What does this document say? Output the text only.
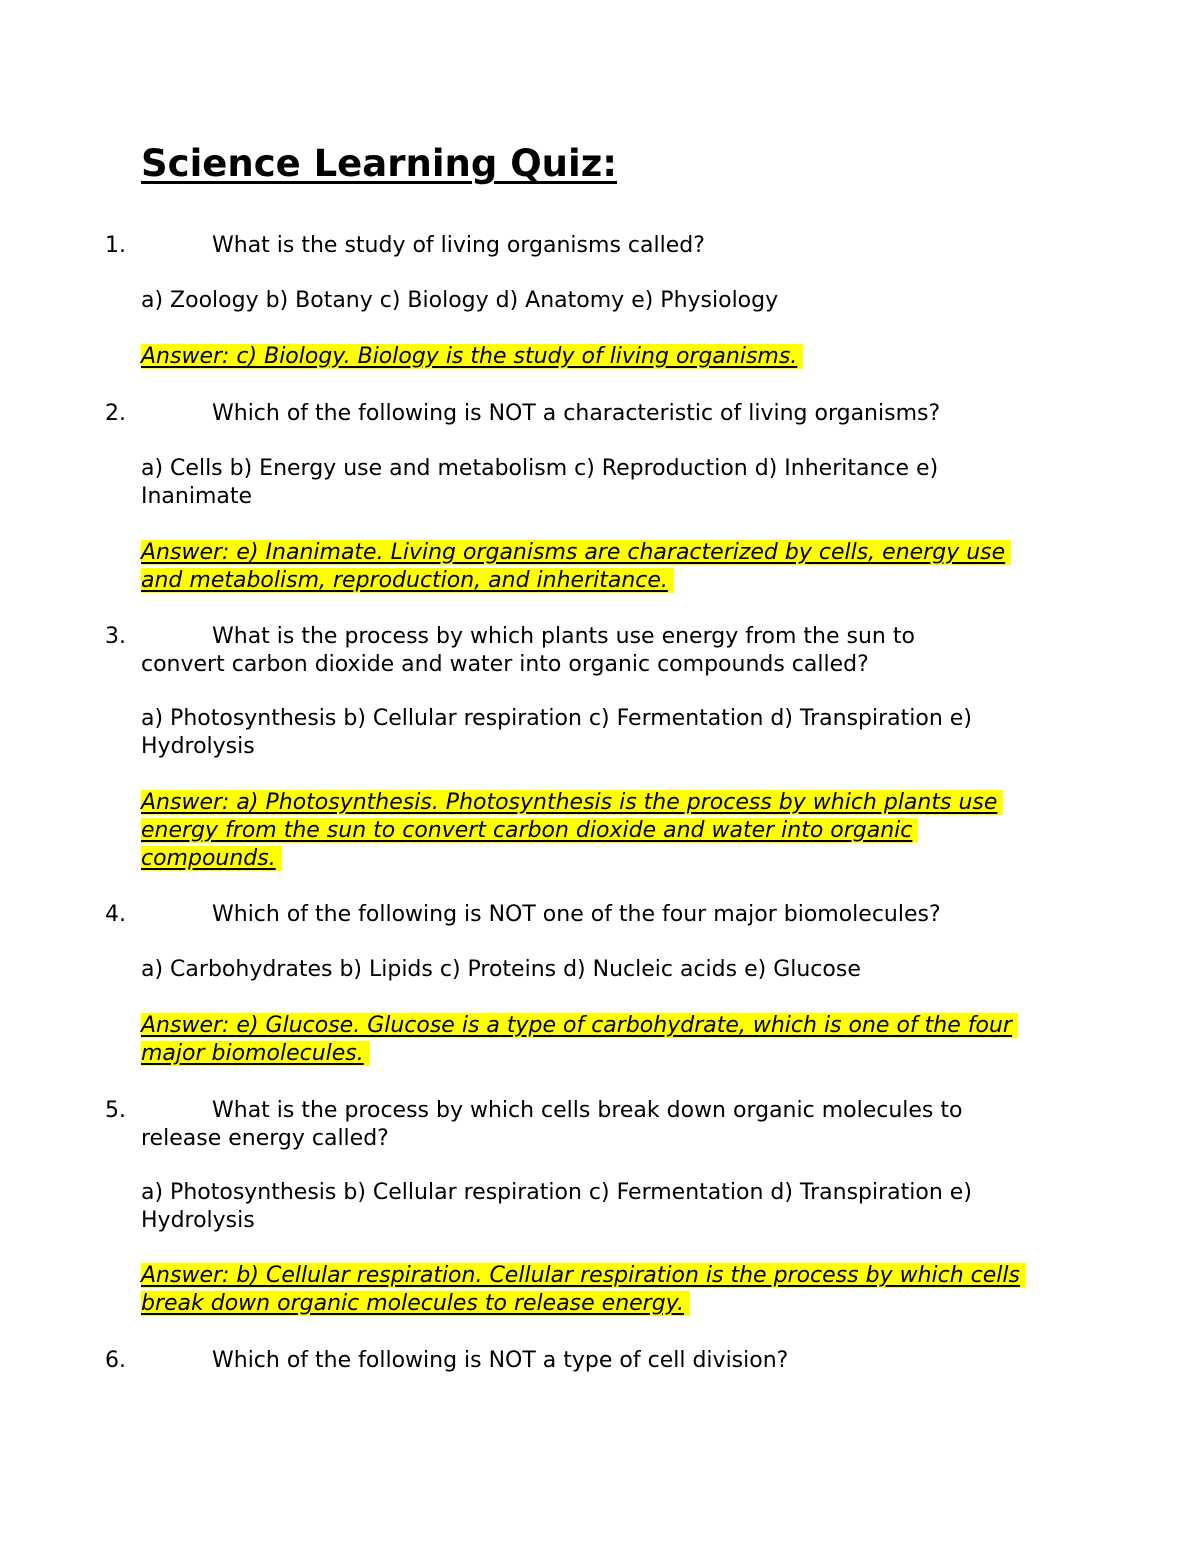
Science Learning Quiz:
1.	What is the study of living organisms called?
a) Zoology b) Botany c) Biology d) Anatomy e) Physiology
Answer: c) Biology. Biology is the study of living organisms.
2.	Which of the following is NOT a characteristic of living organisms?
a) Cells b) Energy use and metabolism c) Reproduction d) Inheritance e) Inanimate
Answer: e) Inanimate. Living organisms are characterized by cells, energy use and metabolism, reproduction, and inheritance.
3.	What is the process by which plants use energy from the sun to
convert carbon dioxide and water into organic compounds called?
a) Photosynthesis b) Cellular respiration c) Fermentation d) Transpiration e) Hydrolysis
Answer: a) Photosynthesis. Photosynthesis is the process by which plants use energy from the sun to convert carbon dioxide and water into organic compounds.
4.	Which of the following is NOT one of the four major biomolecules?
a) Carbohydrates b) Lipids c) Proteins d) Nucleic acids e) Glucose
Answer: e) Glucose. Glucose is a type of carbohydrate, which is one of the four major biomolecules.
5.	What is the process by which cells break down organic molecules to
release energy called?
a) Photosynthesis b) Cellular respiration c) Fermentation d) Transpiration e) Hydrolysis
Answer: b) Cellular respiration. Cellular respiration is the process by which cells break down organic molecules to release energy.
6.	Which of the following is NOT a type of cell division?
